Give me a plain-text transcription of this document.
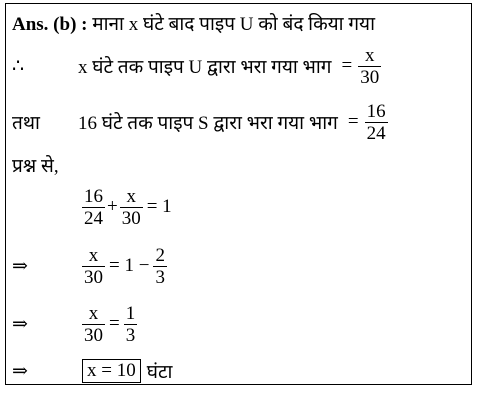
Ans. (b) : माना x घंटे बाद पाइप U को बंद किया गया
∴	x घंटे तक पाइप U द्वारा भरा गया भाग = $\frac{x}{30}$
तथा	16 घंटे तक पाइप S द्वारा भरा गया भाग = $\frac{16}{24}$
प्रश्न से,
$\frac{16}{24} + \frac{x}{30} = 1$
⇒	$\frac{x}{30} = 1 - \frac{2}{3}$
⇒	$\frac{x}{30} = \frac{1}{3}$
⇒	x = 10 घंटा
